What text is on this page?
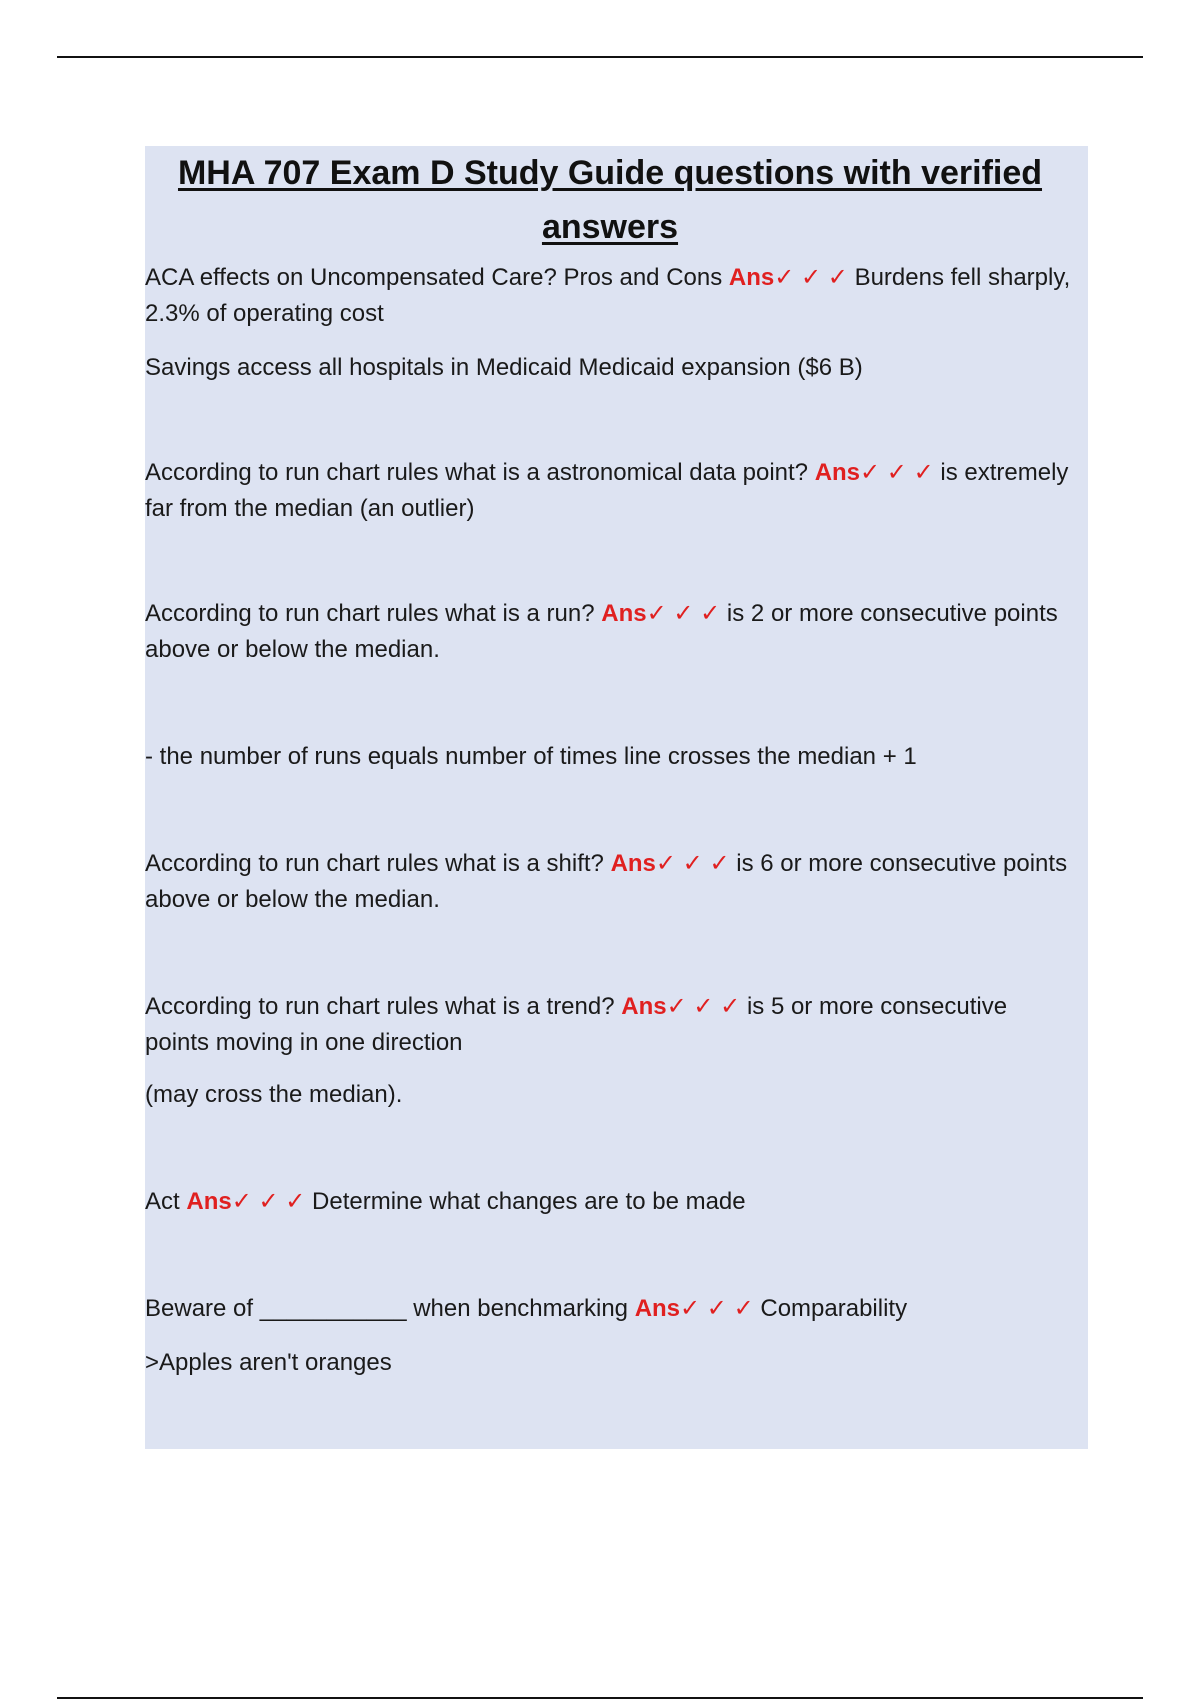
MHA 707 Exam D Study Guide questions with verified answers

ACA effects on Uncompensated Care? Pros and Cons Ans✓ ✓ ✓ Burdens fell sharply, 2.3% of operating cost

Savings access all hospitals in Medicaid Medicaid expansion ($6 B)

According to run chart rules what is a astronomical data point? Ans✓ ✓ ✓ is extremely far from the median (an outlier)

According to run chart rules what is a run? Ans✓ ✓ ✓ is 2 or more consecutive points above or below the median.

- the number of runs equals number of times line crosses the median + 1

According to run chart rules what is a shift? Ans✓ ✓ ✓ is 6 or more consecutive points above or below the median.

According to run chart rules what is a trend? Ans✓ ✓ ✓ is 5 or more consecutive points moving in one direction

(may cross the median).

Act Ans✓ ✓ ✓ Determine what changes are to be made

Beware of ___________ when benchmarking Ans✓ ✓ ✓ Comparability

>Apples aren't oranges
